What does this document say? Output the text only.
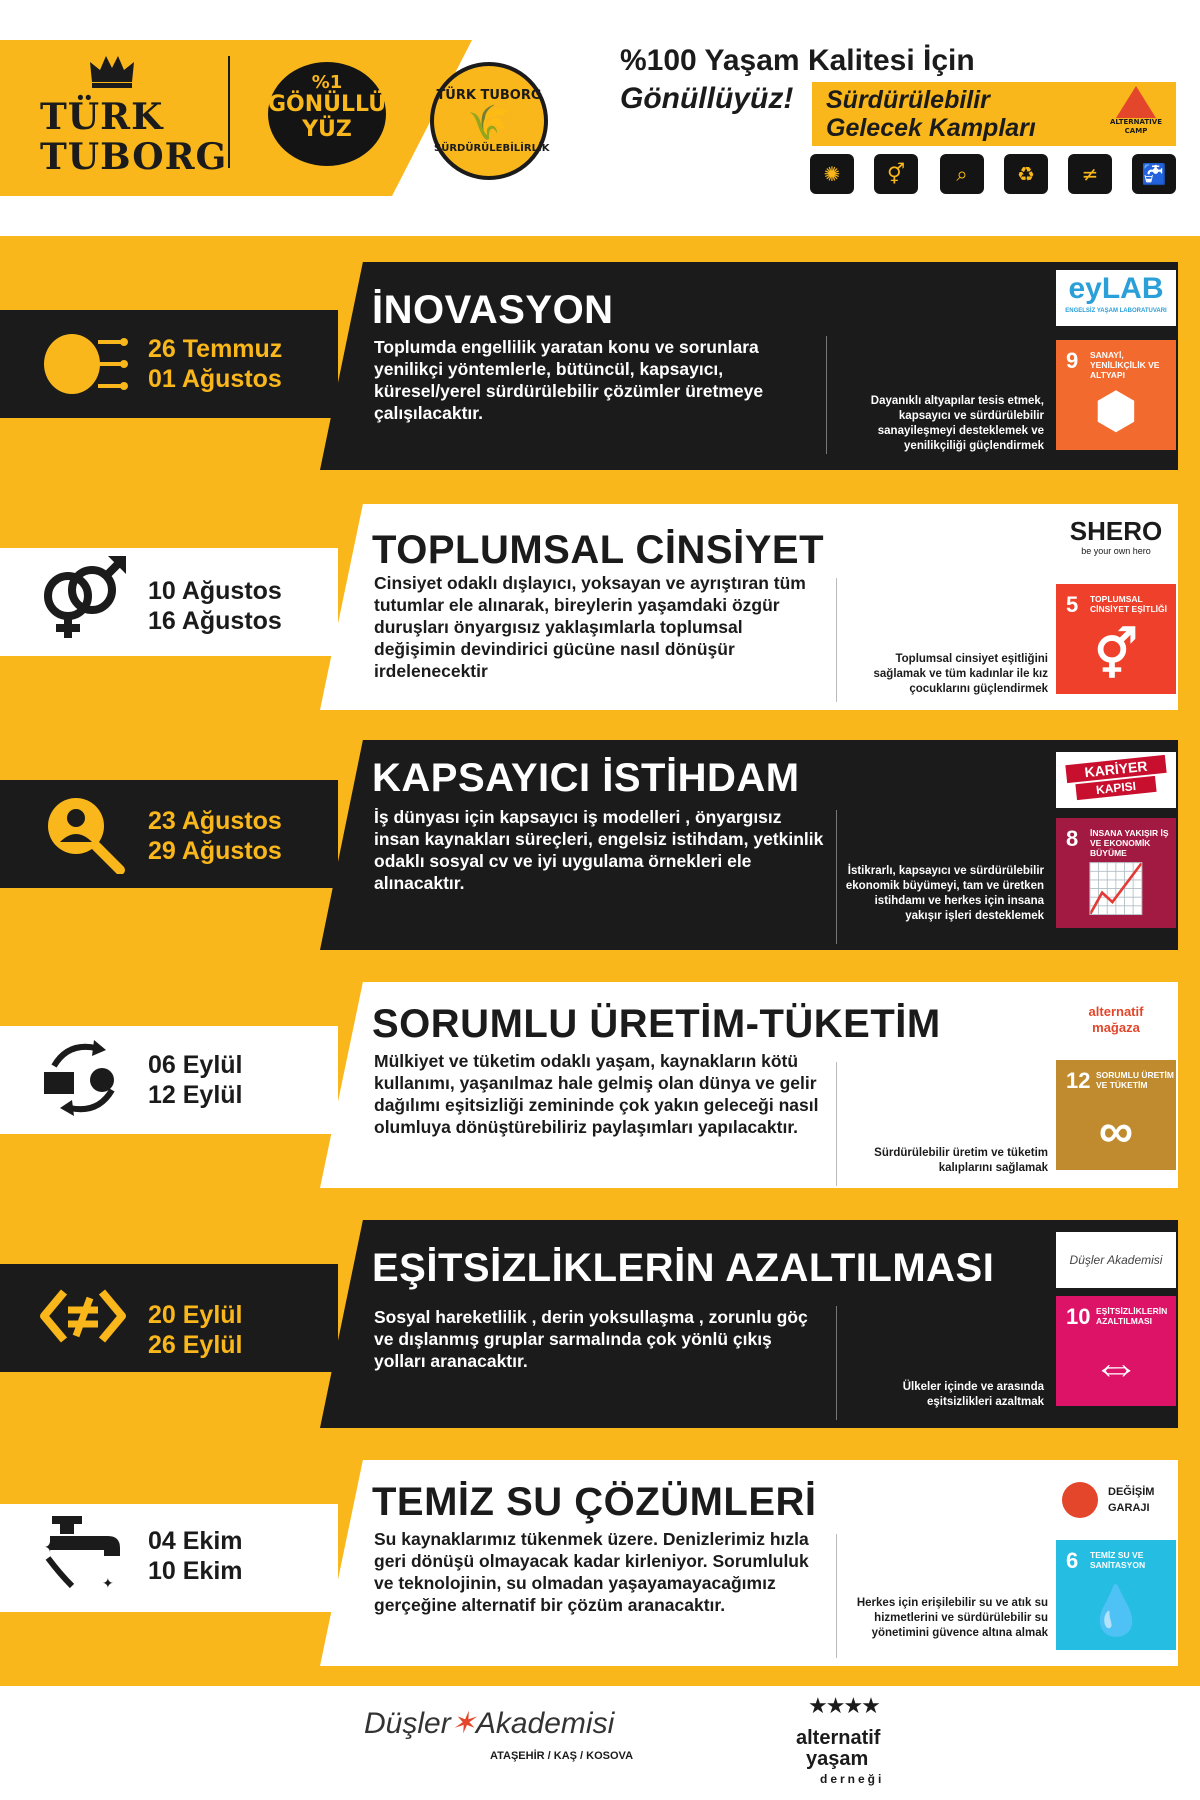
TÜRK
TUBORG
%1
GÖNÜLLÜ
YÜZ
TÜRK TUBORG
🌾
SÜRDÜRÜLEBİLİRLİK
%100 Yaşam Kalitesi İçin
Gönüllüyüz! Sürdürülebilir
Gelecek Kampları	ALTERNATIVE CAMP
✺	⚥	⌕	♻	≠	🚰
26 Temmuz
01 Ağustos
İNOVASYON
Toplumda engellilik yaratan konu ve sorunlara yenilikçi yöntemlerle, bütüncül, kapsayıcı, küresel/yerel sürdürülebilir çözümler üretmeye çalışılacaktır.
Dayanıklı altyapılar tesis etmek, kapsayıcı ve sürdürülebilir sanayileşmeyi desteklemek ve yenilikçiliği güçlendirmek
eyLAB
ENGELSİZ YAŞAM LABORATUVARI
9 SANAYİ, YENİLİKÇİLİK VE ALTYAPI
⬢
10 Ağustos
16 Ağustos
TOPLUMSAL CİNSİYET
Cinsiyet odaklı dışlayıcı, yoksayan ve ayrıştıran tüm tutumlar ele alınarak, bireylerin yaşamdaki özgür duruşları önyargısız yaklaşımlarla toplumsal değişimin devindirici gücüne nasıl dönüşür irdelenecektir
Toplumsal cinsiyet eşitliğini sağlamak ve tüm kadınlar ile kız çocuklarını güçlendirmek
SHERO
be your own hero
5 TOPLUMSAL CİNSİYET EŞİTLİĞİ
⚥
23 Ağustos
29 Ağustos
KAPSAYICI İSTİHDAM
İş dünyası için kapsayıcı iş modelleri , önyargısız insan kaynakları süreçleri, engelsiz istihdam, yetkinlik odaklı sosyal cv ve iyi uygulama örnekleri ele alınacaktır.
İstikrarlı, kapsayıcı ve sürdürülebilir ekonomik büyümeyi, tam ve üretken istihdamı ve herkes için insana yakışır işleri desteklemek
KARİYER
KAPISI
8 İNSANA YAKIŞIR İŞ VE EKONOMİK BÜYÜME
📈
06 Eylül
12 Eylül
SORUMLU ÜRETİM-TÜKETİM
Mülkiyet ve tüketim odaklı yaşam, kaynakların kötü kullanımı, yaşanılmaz hale gelmiş olan dünya ve gelir dağılımı eşitsizliği zemininde çok yakın geleceği nasıl olumluya dönüştürebiliriz paylaşımları yapılacaktır.
Sürdürülebilir üretim ve tüketim kalıplarını sağlamak
alternatif
mağaza
12 SORUMLU ÜRETİM VE TÜKETİM
∞
20 Eylül
26 Eylül
EŞİTSİZLİKLERİN AZALTILMASI
Sosyal hareketlilik , derin yoksullaşma , zorunlu göç ve dışlanmış gruplar sarmalında çok yönlü çıkış yolları aranacaktır.
Ülkeler içinde ve arasında eşitsizlikleri azaltmak
Düşler Akademisi
10 EŞİTSİZLİKLERİN AZALTILMASI
⇔
✦
✦
04 Ekim
10 Ekim
TEMİZ SU ÇÖZÜMLERİ
Su kaynaklarımız tükenmek üzere. Denizlerimiz hızla geri dönüşü olmayacak kadar kirleniyor. Sorumluluk ve teknolojinin, su olmadan yaşayamayacağımız gerçeğine alternatif bir çözüm aranacaktır.	Herkes için erişilebilir su ve atık su hizmetlerini ve sürdürülebilir su yönetimini güvence altına almak
DEĞİŞİM
GARAJI
6 TEMİZ SU VE SANİTASYON
💧
Düşler✶Akademisi
ATAŞEHİR / KAŞ / KOSOVA
★★★★
alternatif
yaşam
derneği
